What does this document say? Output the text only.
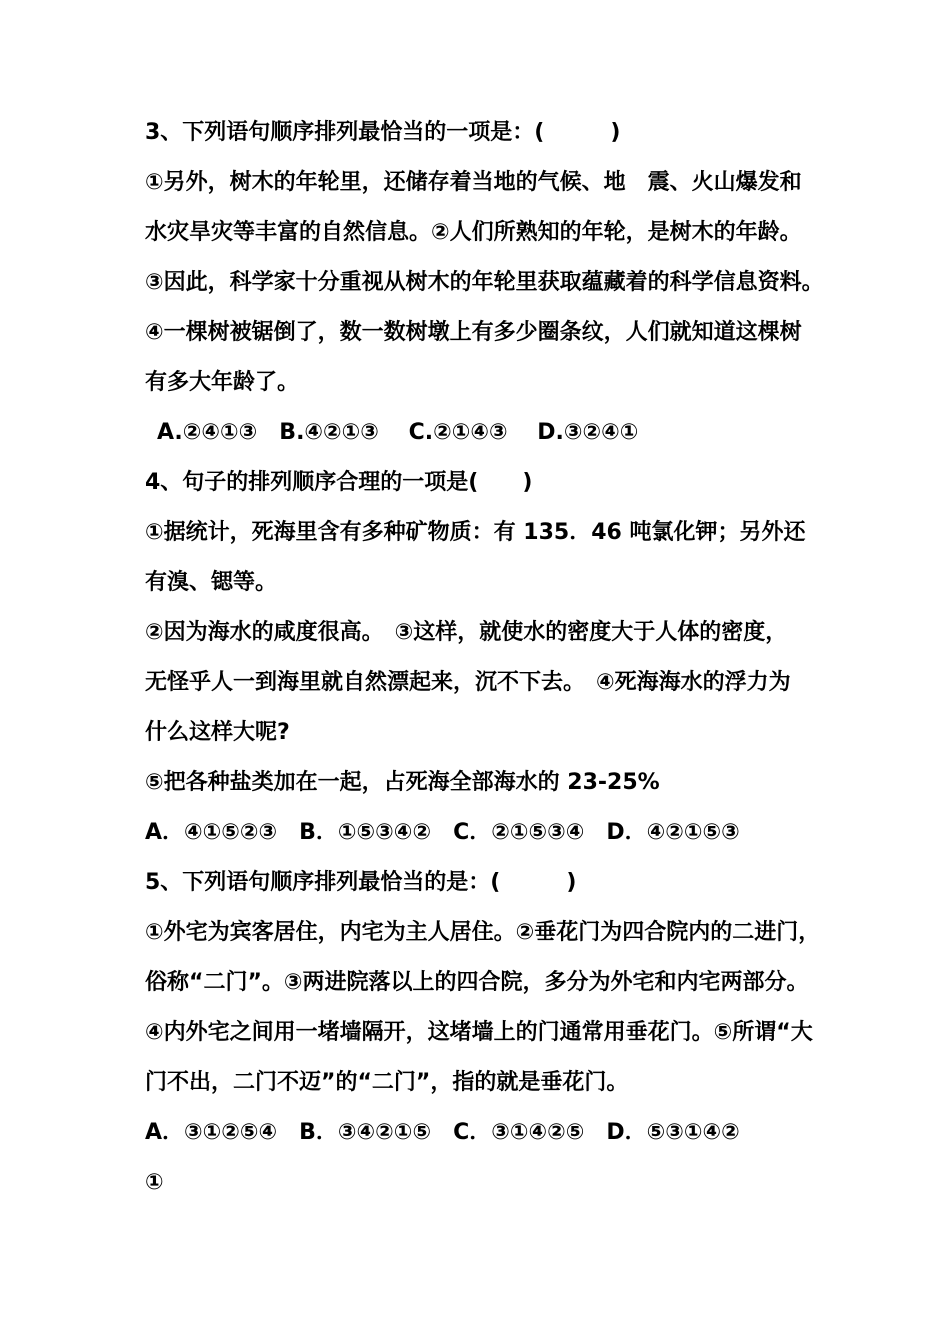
3、下列语句顺序排列最恰当的一项是：(　　　)
①另外，树木的年轮里，还储存着当地的气候、地　震、火山爆发和
水灾旱灾等丰富的自然信息。②人们所熟知的年轮，是树木的年龄。
③因此，科学家十分重视从树木的年轮里获取蕴藏着的科学信息资料。
④一棵树被锯倒了，数一数树墩上有多少圈条纹，人们就知道这棵树
有多大年龄了。
A.②④①③　B.④②①③　 C.②①④③　 D.③②④①
4、句子的排列顺序合理的一项是(　　)
①据统计，死海里含有多种矿物质：有 135．46 吨氯化钾；另外还
有溴、锶等。
②因为海水的咸度很高。　③这样，就使水的密度大于人体的密度，
无怪乎人一到海里就自然漂起来，沉不下去。　④死海海水的浮力为
什么这样大呢?
⑤把各种盐类加在一起，占死海全部海水的 23-25%
A．④①⑤②③　B．①⑤③④②　C．②①⑤③④　D．④②①⑤③
5、下列语句顺序排列最恰当的是：(　　　)
①外宅为宾客居住，内宅为主人居住。②垂花门为四合院内的二进门，
俗称“二门”。③两进院落以上的四合院，多分为外宅和内宅两部分。
④内外宅之间用一堵墙隔开，这堵墙上的门通常用垂花门。⑤所谓“大
门不出，二门不迈”的“二门”，指的就是垂花门。
A．③①②⑤④　B．③④②①⑤　C．③①④②⑤　D．⑤③①④②
①
